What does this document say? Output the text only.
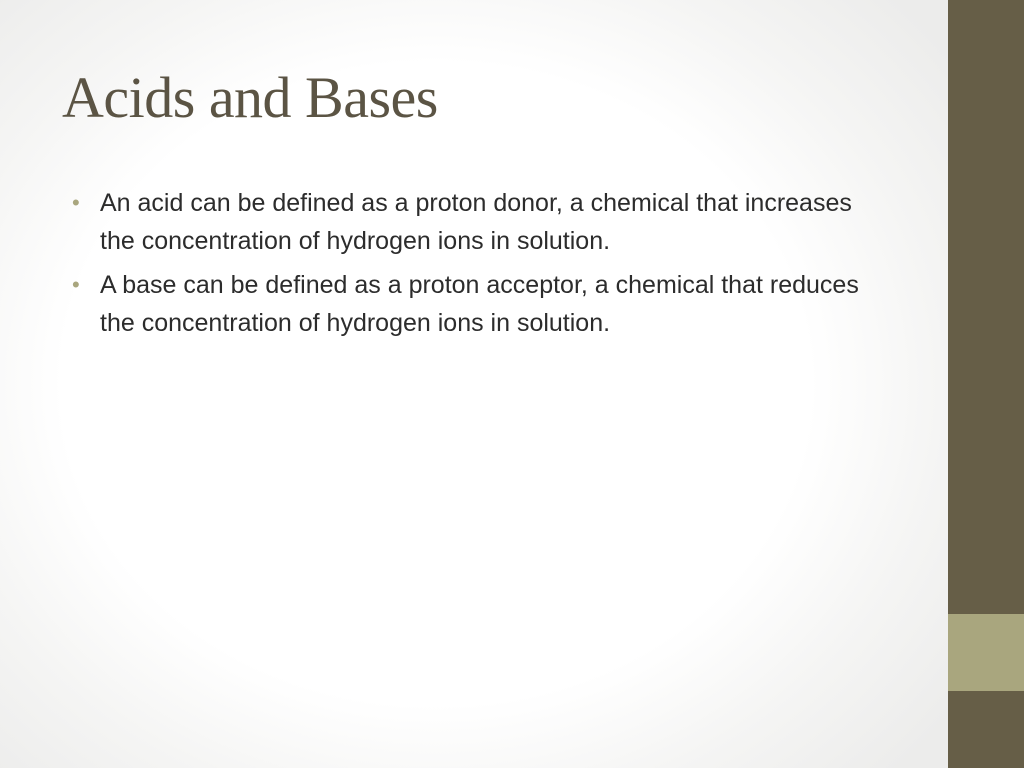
Acids and Bases
• An acid can be defined as a proton donor, a chemical that increases the concentration of hydrogen ions in solution.
• A base can be defined as a proton acceptor, a chemical that reduces the concentration of hydrogen ions in solution.
